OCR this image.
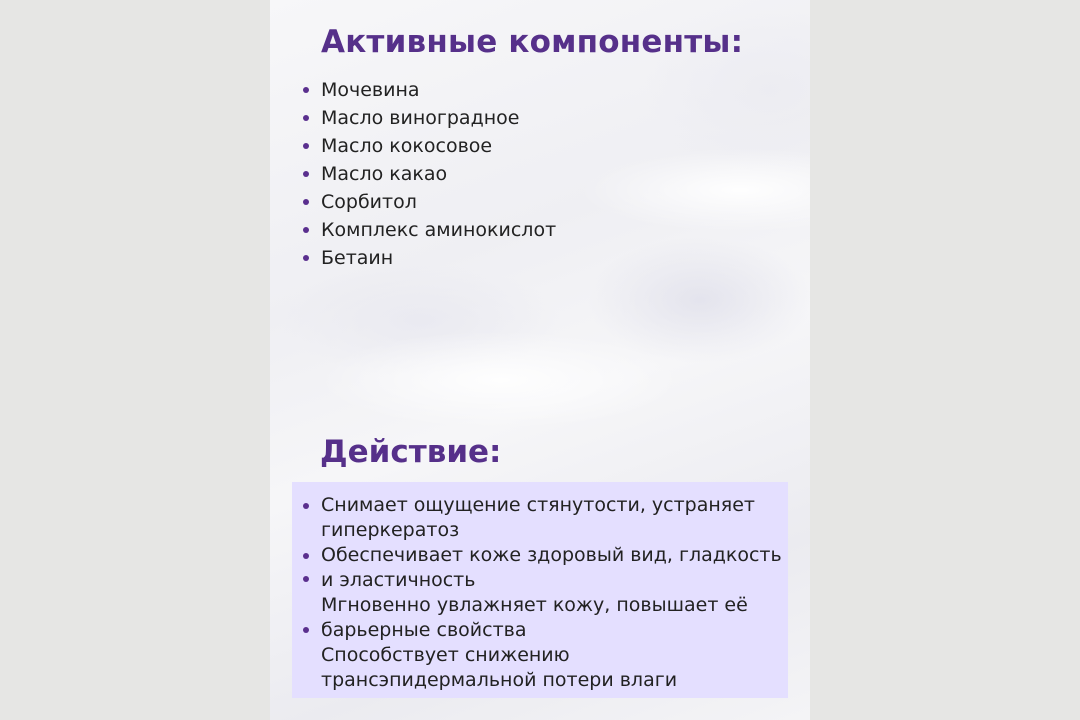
Активные компоненты:
Мочевина
Масло виноградное
Масло кокосовое
Масло какао
Сорбитол
Комплекс аминокислот
Бетаин
Действие:
Снимает ощущение стянутости, устраняет гиперкератоз
Обеспечивает коже здоровый вид, гладкость и эластичность
Мгновенно увлажняет кожу, повышает её барьерные свойства
Способствует снижению трансэпидермальной потери влаги
